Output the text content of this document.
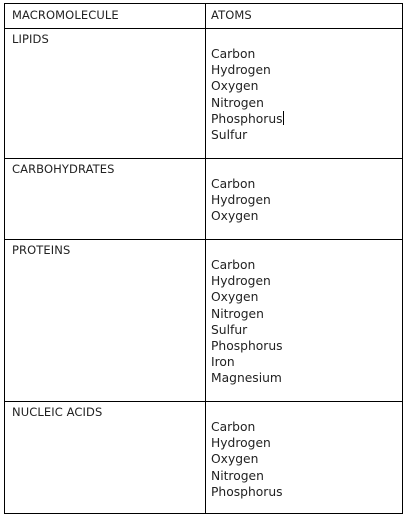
MACROMOLECULE	ATOMS
LIPIDS
Carbon
Hydrogen
Oxygen
Nitrogen
Phosphorus
Sulfur
CARBOHYDRATES
Carbon
Hydrogen
Oxygen
PROTEINS
Carbon
Hydrogen
Oxygen
Nitrogen
Sulfur
Phosphorus
Iron
Magnesium
NUCLEIC ACIDS
Carbon
Hydrogen
Oxygen
Nitrogen
Phosphorus
